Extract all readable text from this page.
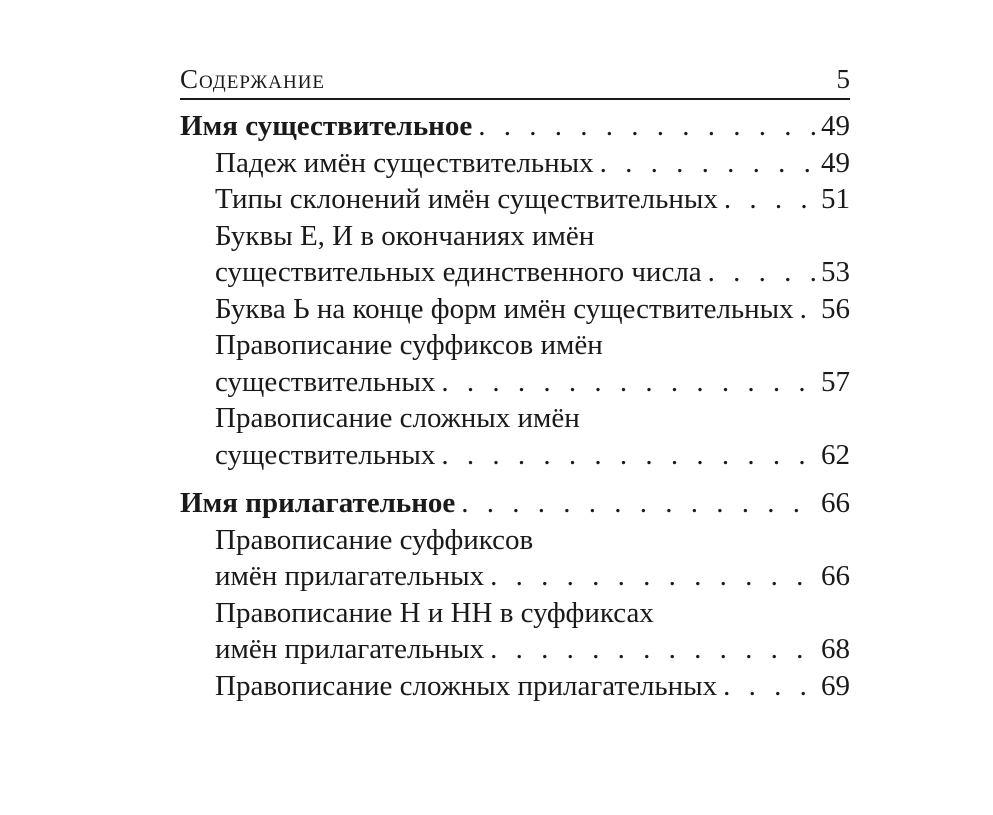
Содержание	5
Имя существительное . . .	49
Падеж имён существительных . . .	49
Типы склонений имён существительных . . .	51
Буквы Е, И в окончаниях имён
существительных единственного числа . . .	53
Буква Ь на конце форм имён существительных . . . 56
Правописание суффиксов имён
существительных . . .	57
Правописание сложных имён
существительных . . .	62
Имя прилагательное . . .	66
Правописание суффиксов
имён прилагательных . . .	66
Правописание Н и НН в суффиксах
имён прилагательных . . .	68
Правописание сложных прилагательных . . .	69
